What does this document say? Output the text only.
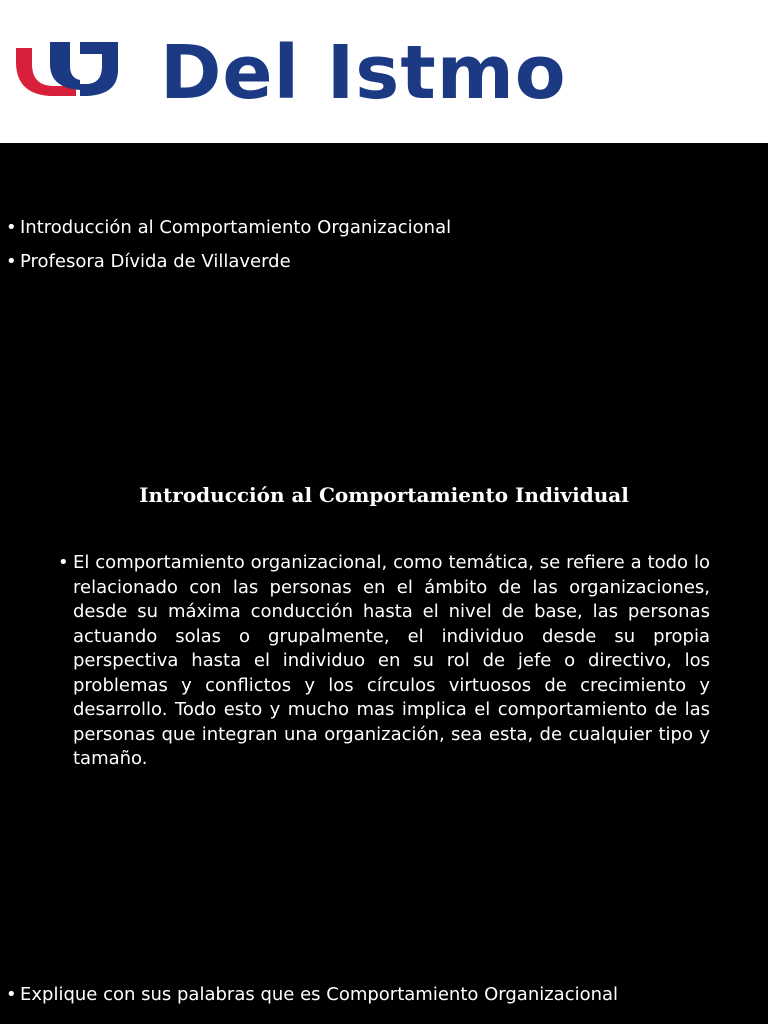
Del Istmo
• Introducción al Comportamiento Organizacional
• Profesora Dívida de Villaverde
Introducción al Comportamiento Individual
• El comportamiento organizacional, como temática, se refiere a todo lo relacionado con las personas en el ámbito de las organizaciones, desde su máxima conducción hasta el nivel de base, las personas actuando solas o grupalmente, el individuo desde su propia perspectiva hasta el individuo en su rol de jefe o directivo, los problemas y conflictos y los círculos virtuosos de crecimiento y desarrollo. Todo esto y mucho mas implica el comportamiento de las personas que integran una organización, sea esta, de cualquier tipo y tamaño.
• Explique con sus palabras que es Comportamiento Organizacional
